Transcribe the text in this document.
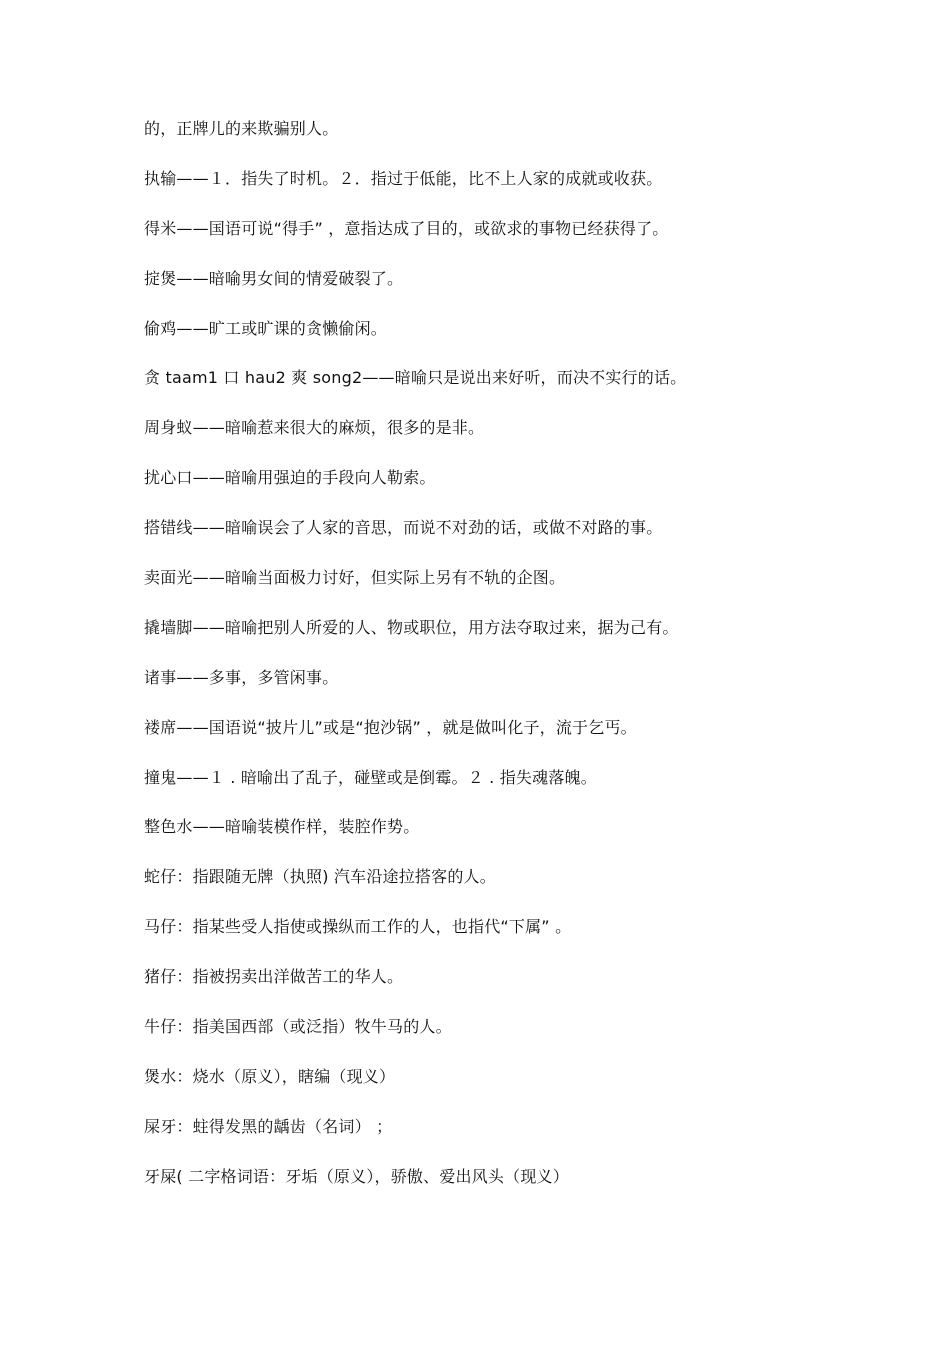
的，正牌儿的来欺骗别人。
执输——１．指失了时机。２．指过于低能，比不上人家的成就或收获。
得米——国语可说“得手” ，意指达成了目的，或欲求的事物已经获得了。
掟煲——暗喻男女间的情爱破裂了。
偷鸡——旷工或旷课的贪懒偷闲。
贪 taam1 口 hau2 爽 song2——暗喻只是说出来好听，而决不实行的话。
周身蚁——暗喻惹来很大的麻烦，很多的是非。
扰心口——暗喻用强迫的手段向人勒索。
搭错线——暗喻误会了人家的音思，而说不对劲的话，或做不对路的事。
卖面光——暗喻当面极力讨好，但实际上另有不轨的企图。
撬墙脚——暗喻把别人所爱的人、物或职位，用方法夺取过来，据为己有。
诸事——多事，多管闲事。
褛席——国语说“披片儿”或是“抱沙锅” ，就是做叫化子，流于乞丐。
撞鬼——１ . 暗喻出了乱子，碰壁或是倒霉。２ . 指失魂落魄。
整色水——暗喻装模作样，装腔作势。
蛇仔：指跟随无牌（执照) 汽车沿途拉搭客的人。
马仔：指某些受人指使或操纵而工作的人，也指代“下属” 。
猪仔：指被拐卖出洋做苦工的华人。
牛仔：指美国西部（或泛指）牧牛马的人。
煲水：烧水（原义），瞎编（现义）
屎牙：蛀得发黑的龋齿（名词） ；
牙屎( 二字格词语：牙垢（原义），骄傲、爱出风头（现义）
